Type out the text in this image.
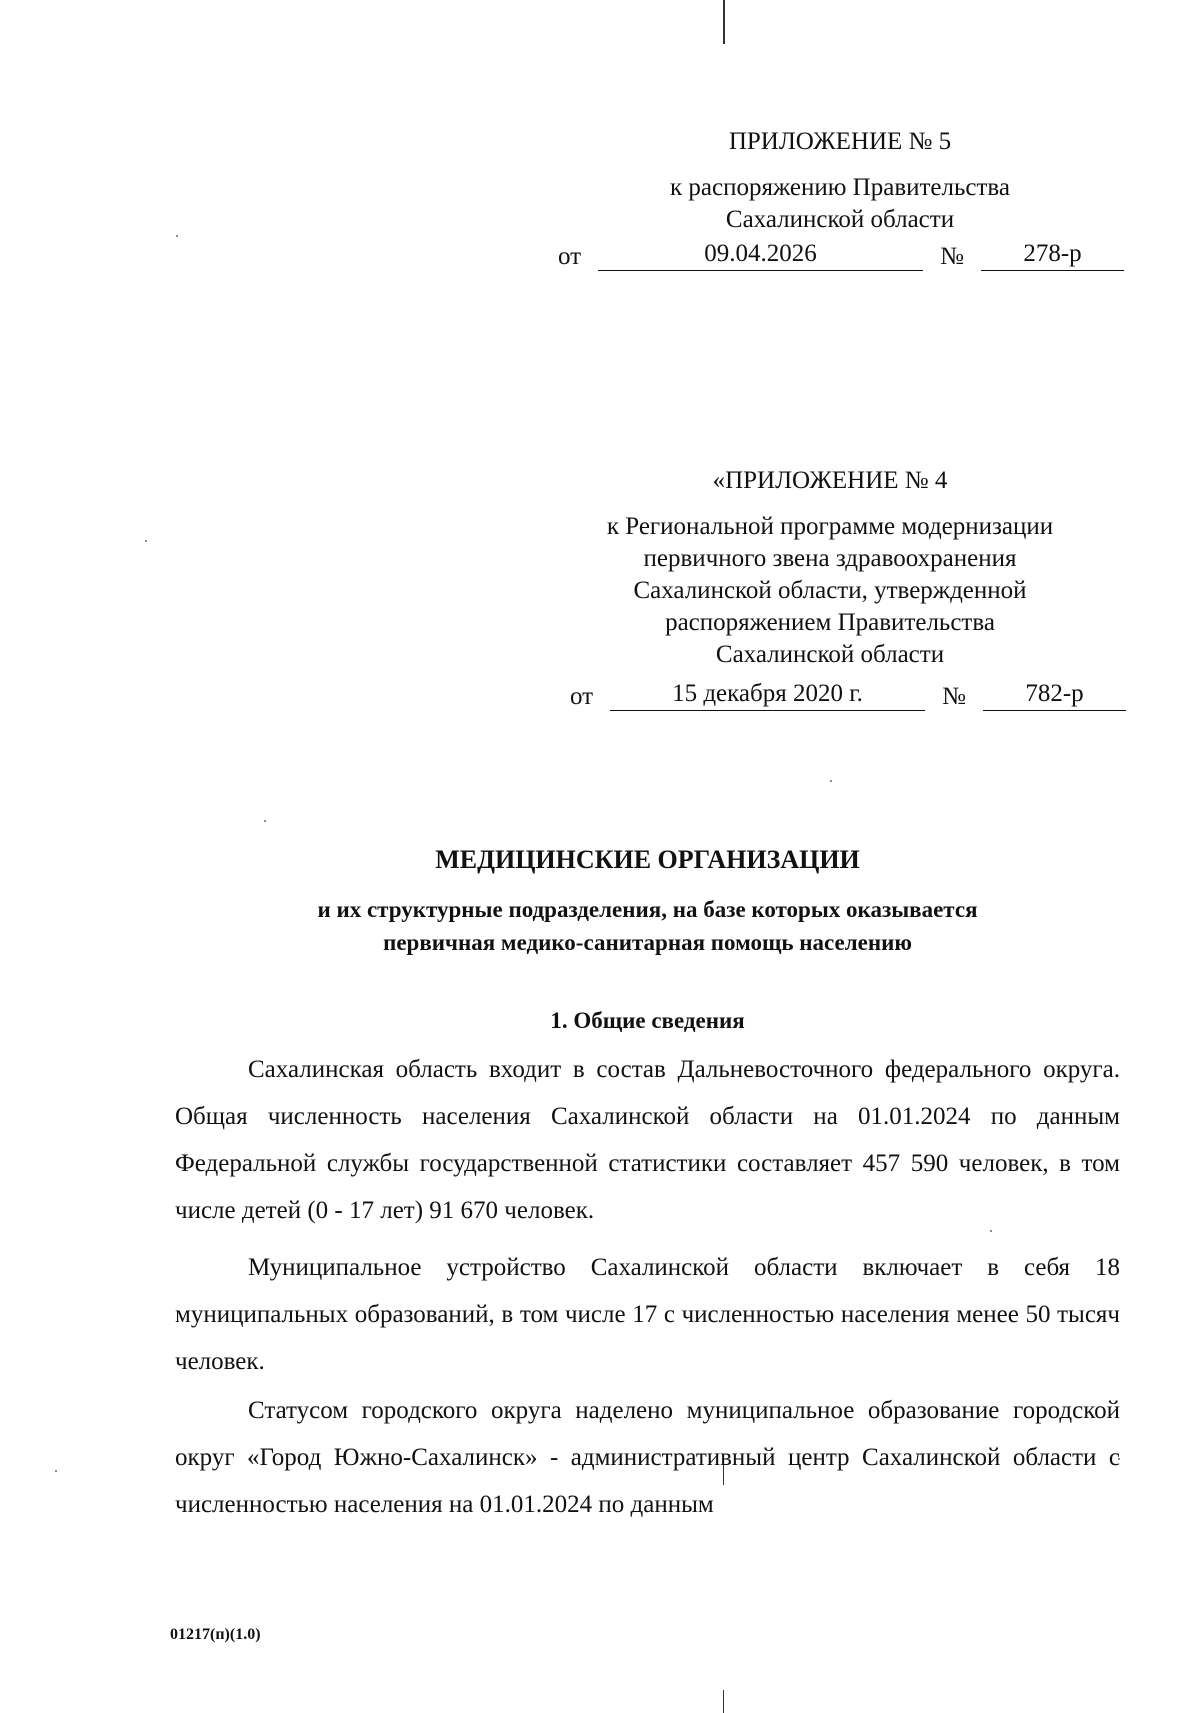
ПРИЛОЖЕНИЕ № 5
к распоряжению Правительства
Сахалинской области
от	09.04.2026	№	278-р
«ПРИЛОЖЕНИЕ № 4
к Региональной программе модернизации
первичного звена здравоохранения
Сахалинской области, утвержденной
распоряжением Правительства
Сахалинской области
от	15 декабря 2020 г.	№	782-р
МЕДИЦИНСКИЕ ОРГАНИЗАЦИИ
и их структурные подразделения, на базе которых оказывается
первичная медико-санитарная помощь населению
1. Общие сведения
Сахалинская область входит в состав Дальневосточного федерального округа. Общая численность населения Сахалинской области на 01.01.2024 по данным Федеральной службы государственной статистики составляет 457 590 человек, в том числе детей (0 - 17 лет) 91 670 человек.
Муниципальное устройство Сахалинской области включает в себя 18 муниципальных образований, в том числе 17 с численностью населения менее 50 тысяч человек.
Статусом городского округа наделено муниципальное образование городской округ «Город Южно-Сахалинск» - административный центр Сахалинской области с численностью населения на 01.01.2024 по данным
01217(п)(1.0)
